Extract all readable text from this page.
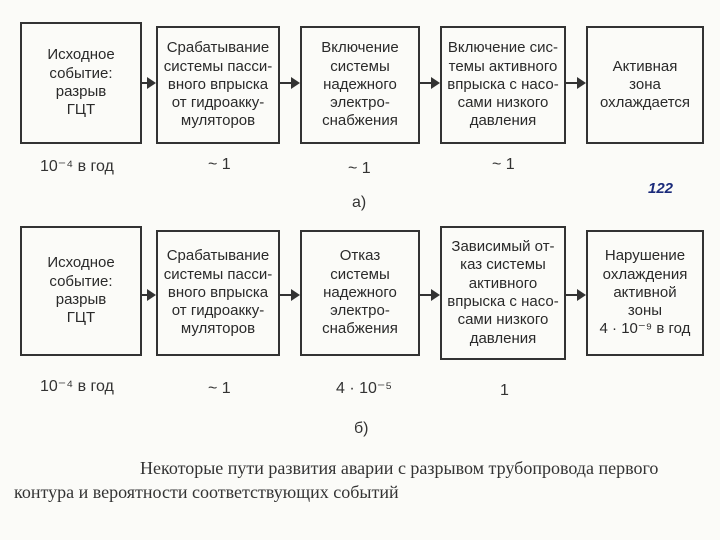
Исходное
событие:
разрыв
ГЦТ
Срабатывание
системы пасси-
вного впрыска
от гидроакку-
муляторов
Включение
системы
надежного
электро-
снабжения
Включение сис-
темы активного
впрыска с насо-
сами низкого
давления
Активная
зона
охлаждается
10⁻⁴ в год	~ 1	~ 1	~ 1
а)
122
Исходное
событие:
разрыв
ГЦТ
Срабатывание
системы пасси-
вного впрыска
от гидроакку-
муляторов
Отказ
системы
надежного
электро-
снабжения
Зависимый от-
каз системы
активного
впрыска с насо-
сами низкого
давления
Нарушение
охлаждения
активной
зоны
4 · 10⁻⁹ в год
10⁻⁴ в год	~ 1	4 · 10⁻⁵	1
б)
Некоторые пути развития аварии с разрывом трубопровода первого
контура и вероятности соответствующих событий
